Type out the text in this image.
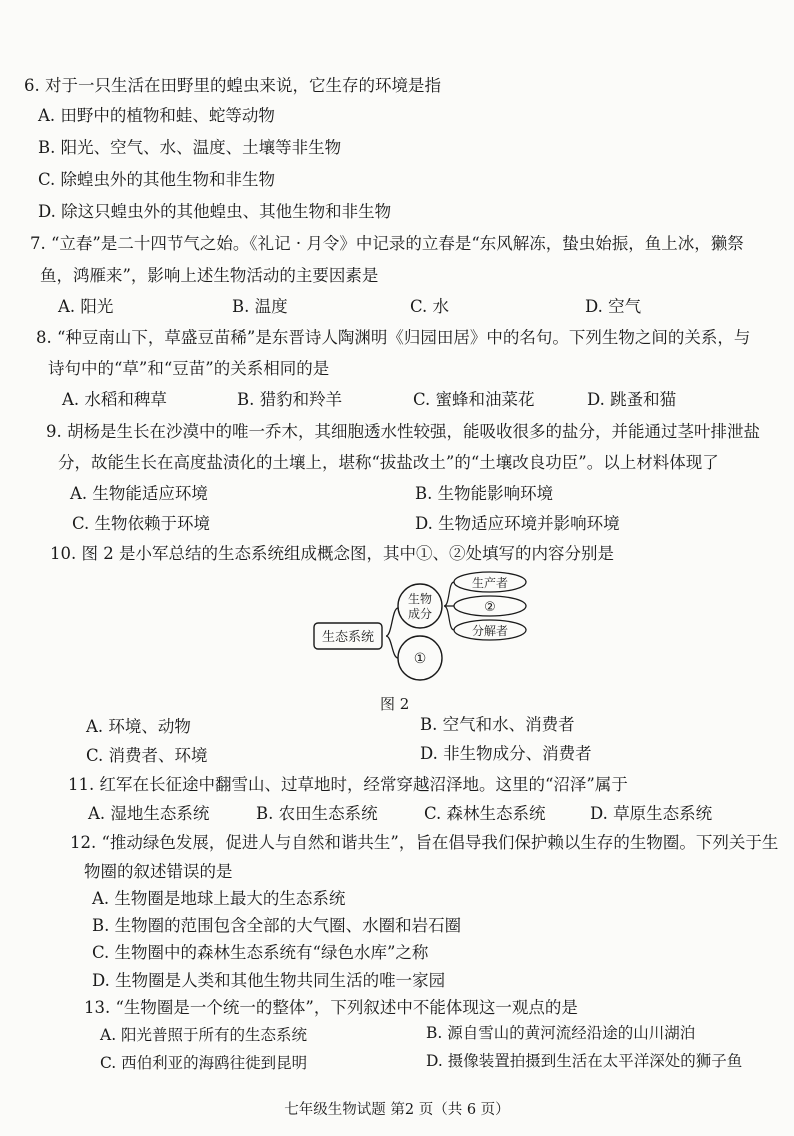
6. 对于一只生活在田野里的蝗虫来说，它生存的环境是指
A. 田野中的植物和蛙、蛇等动物
B. 阳光、空气、水、温度、土壤等非生物
C. 除蝗虫外的其他生物和非生物
D. 除这只蝗虫外的其他蝗虫、其他生物和非生物
7. “立春”是二十四节气之始。《礼记 · 月令》中记录的立春是“东风解冻，蛰虫始振，鱼上冰，獭祭
鱼，鸿雁来”，影响上述生物活动的主要因素是
A. 阳光	B. 温度	C. 水	D. 空气
8. “种豆南山下，草盛豆苗稀”是东晋诗人陶渊明《归园田居》中的名句。下列生物之间的关系，与
诗句中的“草”和“豆苗”的关系相同的是
A. 水稻和稗草	B. 猎豹和羚羊	C. 蜜蜂和油菜花	D. 跳蚤和猫
9. 胡杨是生长在沙漠中的唯一乔木，其细胞透水性较强，能吸收很多的盐分，并能通过茎叶排泄盐
分，故能生长在高度盐渍化的土壤上，堪称“拔盐改土”的“土壤改良功臣”。以上材料体现了
A. 生物能适应环境	B. 生物能影响环境
C. 生物依赖于环境	D. 生物适应环境并影响环境
10. 图 2 是小军总结的生态系统组成概念图，其中①、②处填写的内容分别是
生态系统
生物
成分
①
生产者
②
分解者
图 2
A. 环境、动物	B. 空气和水、消费者
C. 消费者、环境	D. 非生物成分、消费者
11. 红军在长征途中翻雪山、过草地时，经常穿越沼泽地。这里的“沼泽”属于
A. 湿地生态系统	B. 农田生态系统	C. 森林生态系统	D. 草原生态系统
12. “推动绿色发展，促进人与自然和谐共生”，旨在倡导我们保护赖以生存的生物圈。下列关于生
物圈的叙述错误的是
A. 生物圈是地球上最大的生态系统
B. 生物圈的范围包含全部的大气圈、水圈和岩石圈
C. 生物圈中的森林生态系统有“绿色水库”之称
D. 生物圈是人类和其他生物共同生活的唯一家园
13. “生物圈是一个统一的整体”，下列叙述中不能体现这一观点的是
A. 阳光普照于所有的生态系统	B. 源自雪山的黄河流经沿途的山川湖泊
C. 西伯利亚的海鸥往徙到昆明	D. 摄像装置拍摄到生活在太平洋深处的狮子鱼
七年级生物试题 第2 页（共 6 页）
